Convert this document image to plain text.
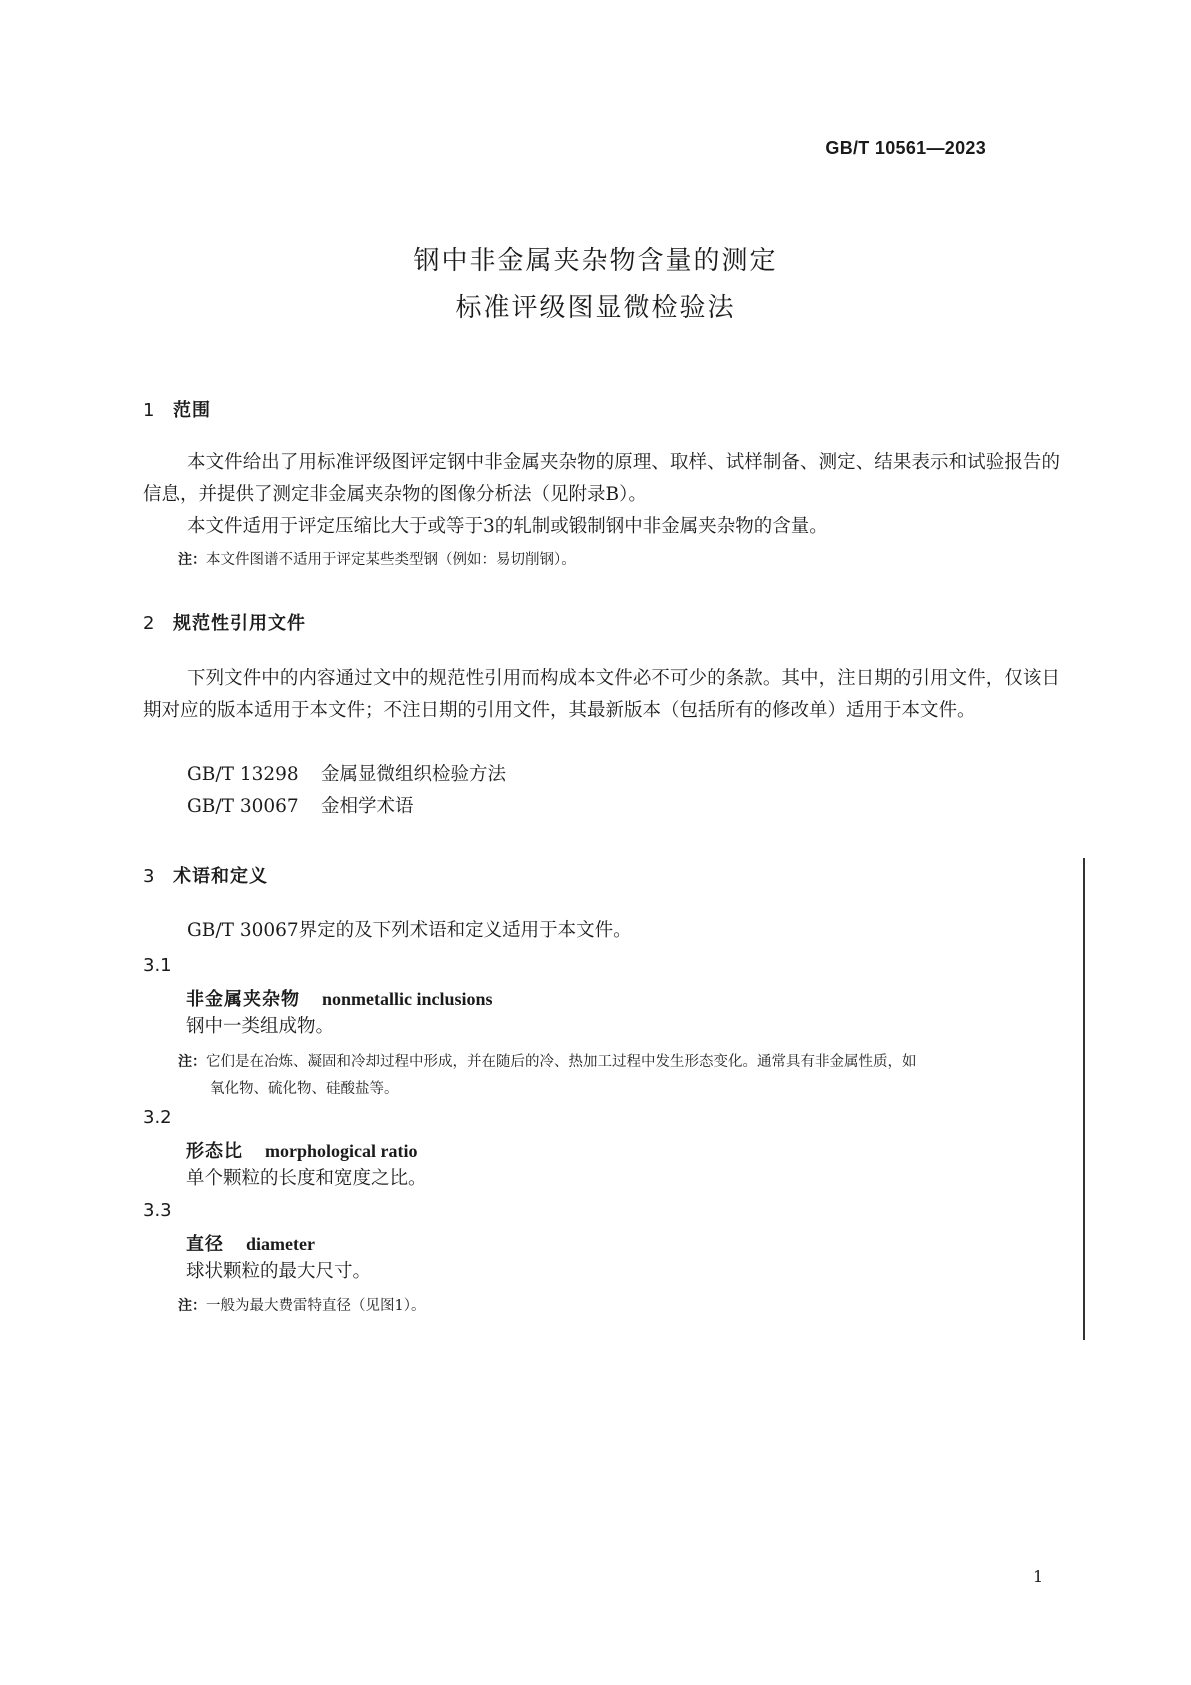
GB/T 10561—2023
钢中非金属夹杂物含量的测定
标准评级图显微检验法
1 范围
本文件给出了用标准评级图评定钢中非金属夹杂物的原理、取样、试样制备、测定、结果表示和试验报告的信息，并提供了测定非金属夹杂物的图像分析法（见附录B）。
本文件适用于评定压缩比大于或等于3的轧制或锻制钢中非金属夹杂物的含量。
注：本文件图谱不适用于评定某些类型钢（例如：易切削钢）。
2 规范性引用文件
下列文件中的内容通过文中的规范性引用而构成本文件必不可少的条款。其中，注日期的引用文件，仅该日期对应的版本适用于本文件；不注日期的引用文件，其最新版本（包括所有的修改单）适用于本文件。
GB/T 13298 金属显微组织检验方法
GB/T 30067 金相学术语
3 术语和定义
GB/T 30067界定的及下列术语和定义适用于本文件。
3.1
非金属夹杂物 nonmetallic inclusions
钢中一类组成物。
注：它们是在冶炼、凝固和冷却过程中形成，并在随后的冷、热加工过程中发生形态变化。通常具有非金属性质，如
氧化物、硫化物、硅酸盐等。
3.2
形态比 morphological ratio
单个颗粒的长度和宽度之比。
3.3
直径 diameter
球状颗粒的最大尺寸。
注：一般为最大费雷特直径（见图1）。
1
